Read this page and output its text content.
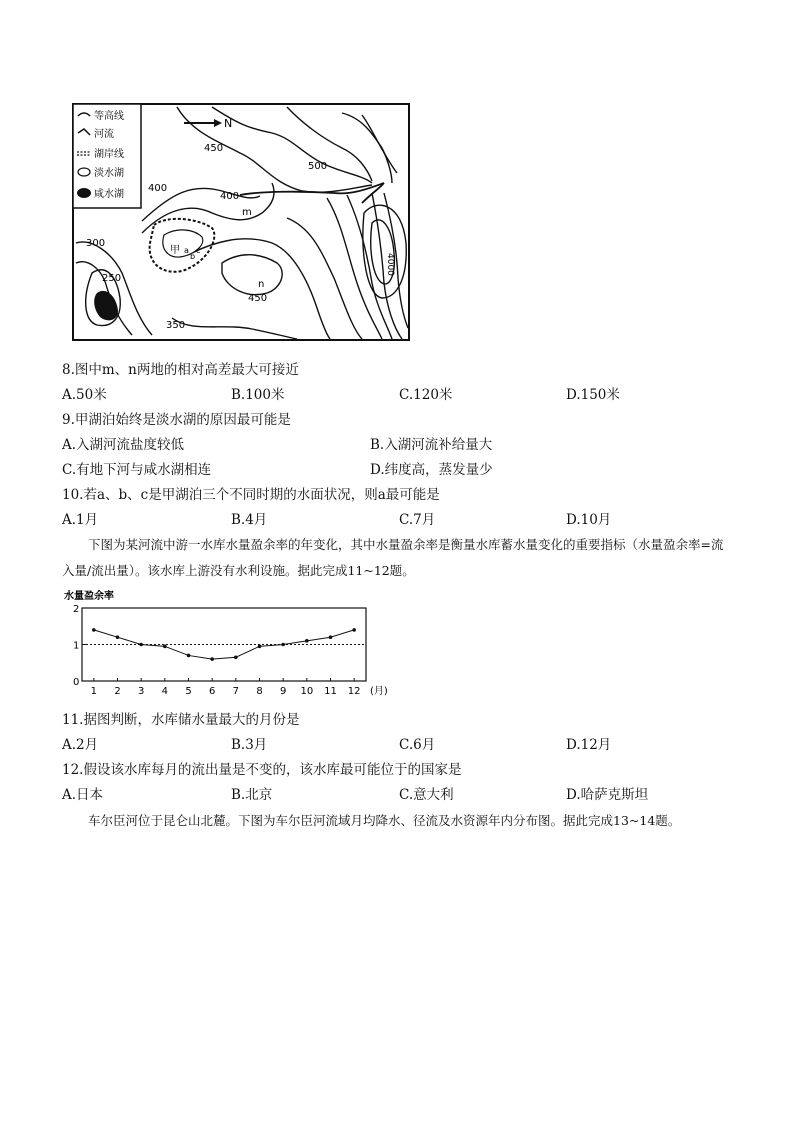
等高线
河流
湖岸线
淡水湖
咸水湖
N
450
500
400
400
300
250
350
450
4000
m
n
甲 a
b
c
8.图中m、n两地的相对高差最大可接近
A.50米	B.100米	C.120米	D.150米
9.甲湖泊始终是淡水湖的原因最可能是
A.入湖河流盐度较低	B.入湖河流补给量大
C.有地下河与咸水湖相连	D.纬度高，蒸发量少
10.若a、b、c是甲湖泊三个不同时期的水面状况，则a最可能是
A.1月	B.4月	C.7月	D.10月
下图为某河流中游一水库水量盈余率的年变化，其中水量盈余率是衡量水库蓄水量变化的重要指标（水量盈余率=流入量/流出量）。该水库上游没有水利设施。据此完成11~12题。
水量盈余率
0
1
2
1 2 3 4 5 6 7 8 9 10 11 12 (月)
11.据图判断，水库储水量最大的月份是
A.2月	B.3月	C.6月	D.12月
12.假设该水库每月的流出量是不变的，该水库最可能位于的国家是
A.日本	B.北京	C.意大利	D.哈萨克斯坦
车尔臣河位于昆仑山北麓。下图为车尔臣河流域月均降水、径流及水资源年内分布图。据此完成13~14题。
